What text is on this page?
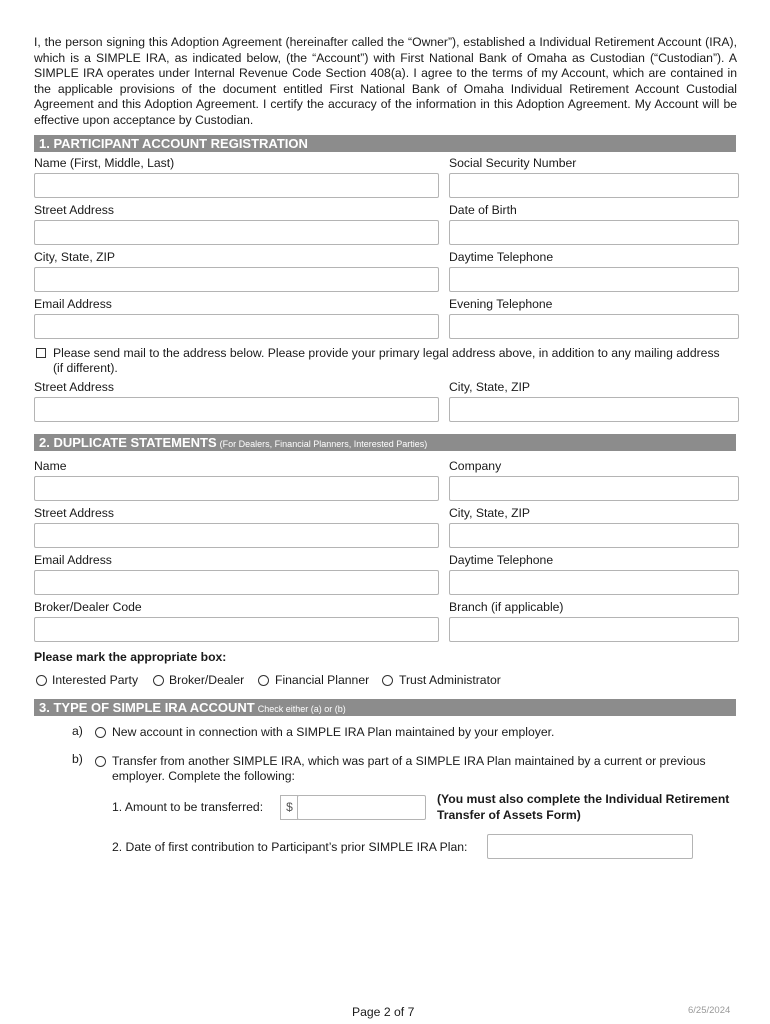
I, the person signing this Adoption Agreement (hereinafter called the “Owner”), established a Individual Retirement Account (IRA), which is a SIMPLE IRA, as indicated below, (the “Account”) with First National Bank of Omaha as Custodian (“Custodian”). A SIMPLE IRA operates under Internal Revenue Code Section 408(a). I agree to the terms of my Account, which are contained in the applicable provisions of the document entitled First National Bank of Omaha Individual Retirement Account Custodial Agreement and this Adoption Agreement. I certify the accuracy of the information in this Adoption Agreement. My Account will be effective upon acceptance by Custodian.

1. PARTICIPANT ACCOUNT REGISTRATION
Name (First, Middle, Last)	Social Security Number
Street Address	Date of Birth
City, State, ZIP	Daytime Telephone
Email Address	Evening Telephone
Please send mail to the address below. Please provide your primary legal address above, in addition to any mailing address
(if different).
Street Address	City, State, ZIP
2. DUPLICATE STATEMENTS (For Dealers, Financial Planners, Interested Parties)
Name	Company
Street Address	City, State, ZIP
Email Address	Daytime Telephone
Broker/Dealer Code	Branch (if applicable)
Please mark the appropriate box:
Interested Party	Broker/Dealer	Financial Planner Trust Administrator
3. TYPE OF SIMPLE IRA ACCOUNT Check either (a) or (b)
a) New account in connection with a SIMPLE IRA Plan maintained by your employer.
b) Transfer from another SIMPLE IRA, which was part of a SIMPLE IRA Plan maintained by a current or previous
employer. Complete the following:
1. Amount to be transferred:	$
(You must also complete the Individual Retirement
Transfer of Assets Form)
2. Date of first contribution to Participant’s prior SIMPLE IRA Plan:
Page 2 of 7	6/25/2024
